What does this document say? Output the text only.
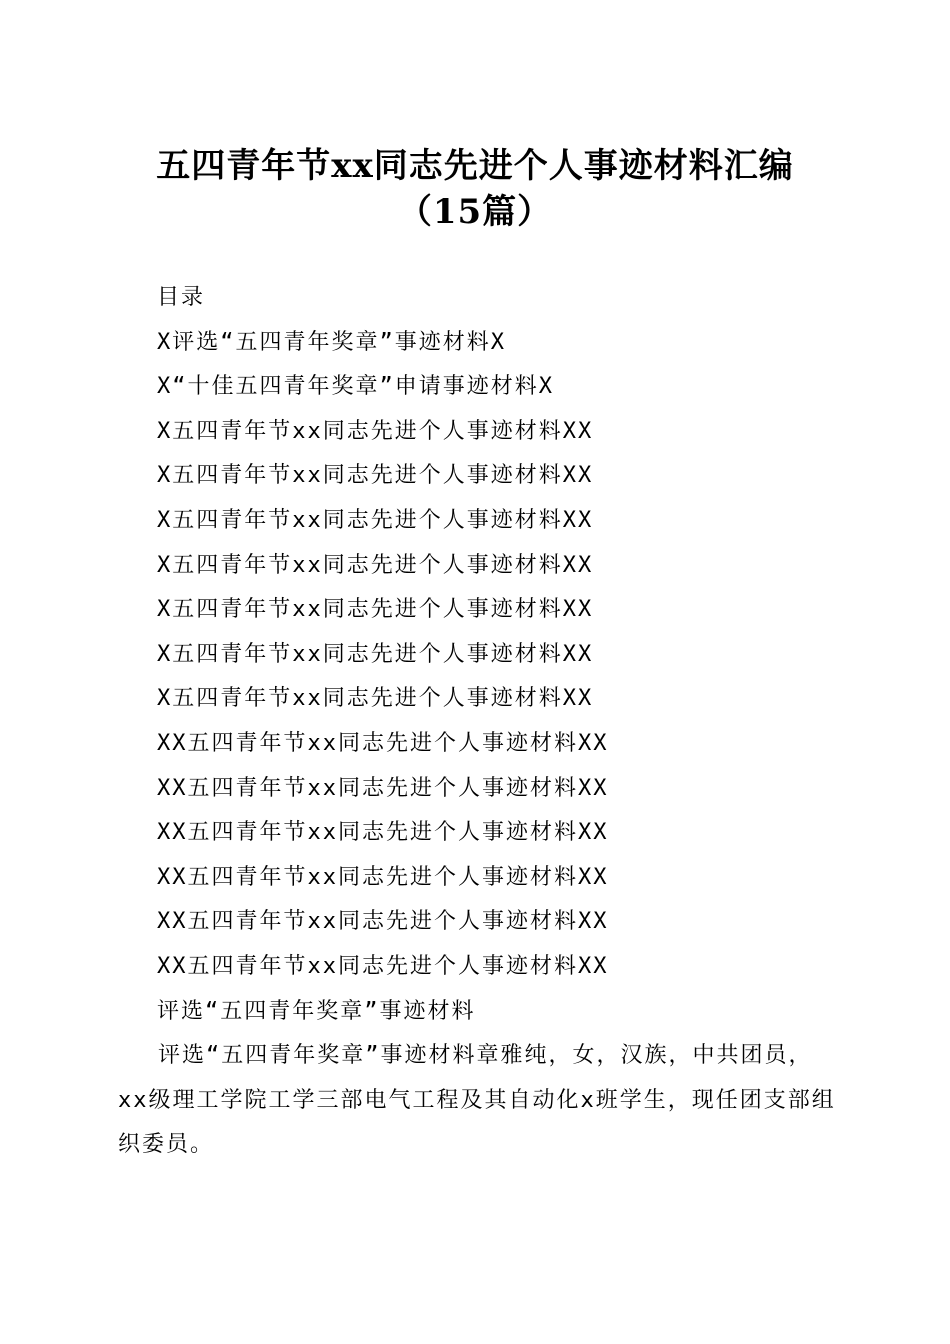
五四青年节xx同志先进个人事迹材料汇编
（15篇）
目录
X评选“五四青年奖章”事迹材料X
X“十佳五四青年奖章”申请事迹材料X
X五四青年节xx同志先进个人事迹材料XX
X五四青年节xx同志先进个人事迹材料XX
X五四青年节xx同志先进个人事迹材料XX
X五四青年节xx同志先进个人事迹材料XX
X五四青年节xx同志先进个人事迹材料XX
X五四青年节xx同志先进个人事迹材料XX
X五四青年节xx同志先进个人事迹材料XX
XX五四青年节xx同志先进个人事迹材料XX
XX五四青年节xx同志先进个人事迹材料XX
XX五四青年节xx同志先进个人事迹材料XX
XX五四青年节xx同志先进个人事迹材料XX
XX五四青年节xx同志先进个人事迹材料XX
XX五四青年节xx同志先进个人事迹材料XX
评选“五四青年奖章”事迹材料

评选“五四青年奖章”事迹材料章雅纯，女，汉族，中共团员，xx级理工学院工学三部电气工程及其自动化x班学生，现任团支部组织委员。
